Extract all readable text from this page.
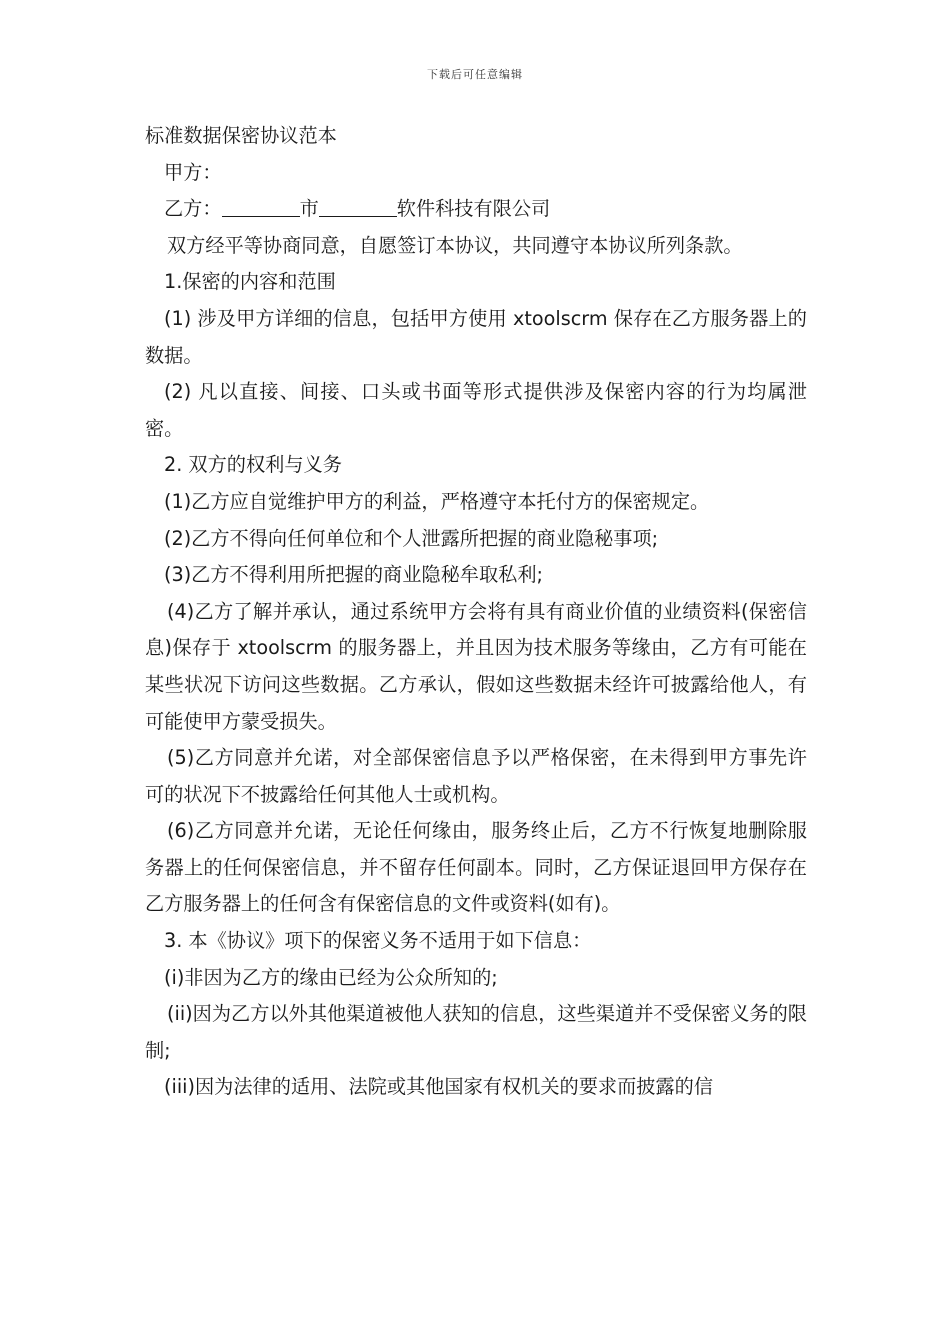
下载后可任意编辑

标准数据保密协议范本

甲方：

乙方：	市	软件科技有限公司

双方经平等协商同意，自愿签订本协议，共同遵守本协议所列条款。

1.保密的内容和范围

(1) 涉及甲方详细的信息，包括甲方使用 xtoolscrm 保存在乙方服务器上的数据。

(2) 凡以直接、间接、口头或书面等形式提供涉及保密内容的行为均属泄密。

2. 双方的权利与义务

(1)乙方应自觉维护甲方的利益，严格遵守本托付方的保密规定。

(2)乙方不得向任何单位和个人泄露所把握的商业隐秘事项;

(3)乙方不得利用所把握的商业隐秘牟取私利;

(4)乙方了解并承认，通过系统甲方会将有具有商业价值的业绩资料(保密信息)保存于 xtoolscrm 的服务器上，并且因为技术服务等缘由，乙方有可能在某些状况下访问这些数据。乙方承认，假如这些数据未经许可披露给他人，有可能使甲方蒙受损失。

(5)乙方同意并允诺，对全部保密信息予以严格保密，在未得到甲方事先许可的状况下不披露给任何其他人士或机构。

(6)乙方同意并允诺，无论任何缘由，服务终止后，乙方不行恢复地删除服务器上的任何保密信息，并不留存任何副本。同时，乙方保证退回甲方保存在乙方服务器上的任何含有保密信息的文件或资料(如有)。

3. 本《协议》项下的保密义务不适用于如下信息：

(i)非因为乙方的缘由已经为公众所知的;

(ii)因为乙方以外其他渠道被他人获知的信息，这些渠道并不受保密义务的限制;

(iii)因为法律的适用、法院或其他国家有权机关的要求而披露的信
